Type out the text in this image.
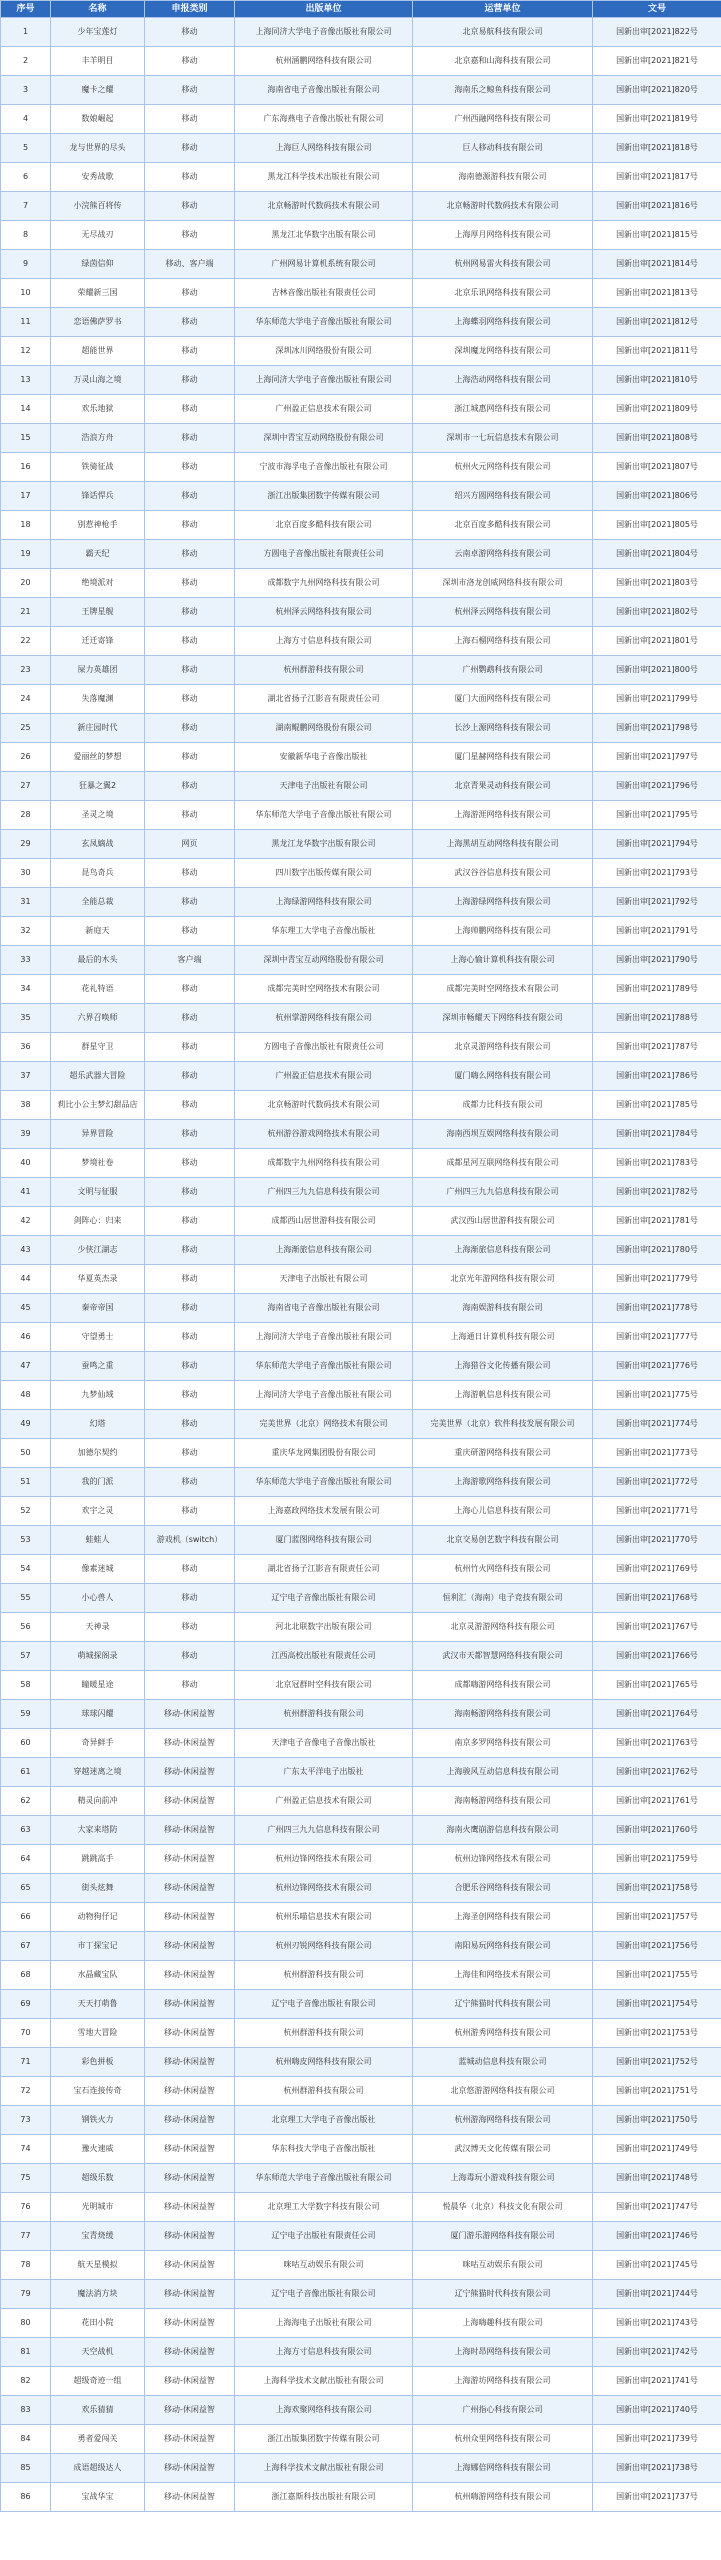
序号	名称	申报类别	出版单位	运营单位	文号
1	少年宝莲灯	移动	上海同济大学电子音像出版社有限公司	北京易航科技有限公司	国新出审[2021]822号
2	丰羊明目	移动	杭州涵鹏网络科技有限公司	北京嘉和山海科技有限公司	国新出审[2021]821号
3	魔卡之耀	移动	海南省电子音像出版社有限公司	海南乐之鲸鱼科技有限公司	国新出审[2021]820号
4	数娘崛起	移动	广东海燕电子音像出版社有限公司	广州西融网络科技有限公司	国新出审[2021]819号
5	龙与世界的尽头	移动	上海巨人网络科技有限公司	巨人移动科技有限公司	国新出审[2021]818号
6	安秀战歌	移动	黑龙江科学技术出版社有限公司	海南德源游科技有限公司	国新出审[2021]817号
7	小浣熊百将传	移动	北京畅游时代数码技术有限公司	北京畅游时代数码技术有限公司	国新出审[2021]816号
8	无尽战刃	移动	黑龙江北华数字出版有限公司	上海厚月网络科技有限公司	国新出审[2021]815号
9	绿茵信仰	移动、客户端	广州网易计算机系统有限公司	杭州网易雷火科技有限公司	国新出审[2021]814号
10	荣耀新三国	移动	吉林音像出版社有限责任公司	北京乐讯网络科技有限公司	国新出审[2021]813号
11	恋语佛萨罗书	移动	华东师范大学电子音像出版社有限公司	上海蝶羽网络科技有限公司	国新出审[2021]812号
12	超能世界	移动	深圳冰川网络股份有限公司	深圳魔龙网络科技有限公司	国新出审[2021]811号
13	万灵山海之境	移动	上海同济大学电子音像出版社有限公司	上海浩动网络科技有限公司	国新出审[2021]810号
14	欢乐地狱	移动	广州盈正信息技术有限公司	浙江城惠网络科技有限公司	国新出审[2021]809号
15	浩浪方舟	移动	深圳中青宝互动网络股份有限公司	深圳市一七玩信息技术有限公司	国新出审[2021]808号
16	铁骑征战	移动	宁波市海孚电子音像出版社有限公司	杭州火元网络科技有限公司	国新出审[2021]807号
17	锋话悍兵	移动	浙江出版集团数字传媒有限公司	绍兴方圆网络科技有限公司	国新出审[2021]806号
18	别惹神枪手	移动	北京百度多酷科技有限公司	北京百度多酷科技有限公司	国新出审[2021]805号
19	霸天纪	移动	方圆电子音像出版社有限责任公司	云南卓游网络科技有限公司	国新出审[2021]804号
20	绝境派对	移动	成都数字九州网络科技有限公司	深圳市洛龙创威网络科技有限公司	国新出审[2021]803号
21	王牌星舰	移动	杭州泽云网络科技有限公司	杭州泽云网络科技有限公司	国新出审[2021]802号
22	迁迁寄锋	移动	上海方寸信息科技有限公司	上海石榴网络科技有限公司	国新出审[2021]801号
23	屎力英雄团	移动	杭州群游科技有限公司	广州鹦鹉科技有限公司	国新出审[2021]800号
24	失落魔渊	移动	湖北省扬子江影音有限责任公司	厦门大面网络科技有限公司	国新出审[2021]799号
25	新庄园时代	移动	湖南鲲鹏网络股份有限公司	长沙上源网络科技有限公司	国新出审[2021]798号
26	爱丽丝的梦想	移动	安徽新华电子音像出版社	厦门星赫网络科技有限公司	国新出审[2021]797号
27	狂暴之翼2	移动	天津电子出版社有限公司	北京青果灵动科技有限公司	国新出审[2021]796号
28	圣灵之境	移动	华东师范大学电子音像出版社有限公司	上海游涯网络科技有限公司	国新出审[2021]795号
29	玄凤嫡战	网页	黑龙江龙华数字出版有限公司	上海黑胡互动网络科技有限公司	国新出审[2021]794号
30	昆鸟奇兵	移动	四川数字出版传媒有限公司	武汉谷谷信息科技有限公司	国新出审[2021]793号
31	全能总裁	移动	上海绿游网络科技有限公司	上海游绿网络科技有限公司	国新出审[2021]792号
32	新庭天	移动	华东理工大学电子音像出版社	上海帅鹏网络科技有限公司	国新出审[2021]791号
33	最后的木头	客户端	深圳中青宝互动网络股份有限公司	上海心愉计算机科技有限公司	国新出审[2021]790号
34	花礼特语	移动	成都完美时空网络技术有限公司	成都完美时空网络技术有限公司	国新出审[2021]789号
35	六界召唤师	移动	杭州掌游网络科技有限公司	深圳市畅耀天下网络科技有限公司	国新出审[2021]788号
36	群星守卫	移动	方圆电子音像出版社有限责任公司	北京灵游网络科技有限公司	国新出审[2021]787号
37	超乐武器大冒险	移动	广州盈正信息技术有限公司	厦门嗨么网络科技有限公司	国新出审[2021]786号
38	莉比小公主梦幻甜品店	移动	北京畅游时代数码技术有限公司	成都力比科技有限公司	国新出审[2021]785号
39	异界冒险	移动	杭州游谷游戏网络技术有限公司	海南西坝互娱网络科技有限公司	国新出审[2021]784号
40	梦境社卷	移动	成都数字九州网络科技有限公司	成都星河互联网络科技有限公司	国新出审[2021]783号
41	文明与征服	移动	广州四三九九信息科技有限公司	广州四三九九信息科技有限公司	国新出审[2021]782号
42	剑阵心：归来	移动	成都西山居世游科技有限公司	武汉西山居世游科技有限公司	国新出审[2021]781号
43	少侠江湖志	移动	上海渐旅信息科技有限公司	上海渐旅信息科技有限公司	国新出审[2021]780号
44	华夏英杰录	移动	天津电子出版社有限公司	北京光年游网络科技有限公司	国新出审[2021]779号
45	秦帝帝国	移动	海南省电子音像出版社有限公司	海南娱游科技有限公司	国新出审[2021]778号
46	守望勇士	移动	上海同济大学电子音像出版社有限公司	上海通日计算机科技有限公司	国新出审[2021]777号
47	蚕鸣之重	移动	华东师范大学电子音像出版社有限公司	上海猎谷文化传播有限公司	国新出审[2021]776号
48	九梦仙域	移动	上海同济大学电子音像出版社有限公司	上海游帆信息科技有限公司	国新出审[2021]775号
49	幻塔	移动	完美世界（北京）网络技术有限公司	完美世界（北京）软件科技发展有限公司	国新出审[2021]774号
50	加德尔契约	移动	重庆华龙网集团股份有限公司	重庆研游网络科技有限公司	国新出审[2021]773号
51	我的门派	移动	华东师范大学电子音像出版社有限公司	上海游歌网络科技有限公司	国新出审[2021]772号
52	欢宇之灵	移动	上海嘉政网络技术发展有限公司	上海心儿信息科技有限公司	国新出审[2021]771号
53	蛙蛙人	游戏机（switch）	厦门蓝图网络科技有限公司	北京交易创艺数字科技有限公司	国新出审[2021]770号
54	像素迷城	移动	湖北省扬子江影音有限责任公司	杭州竹火网络科技有限公司	国新出审[2021]769号
55	小心兽人	移动	辽宁电子音像出版社有限公司	恒利汇（海南）电子竞技有限公司	国新出审[2021]768号
56	天神录	移动	河北北联数字出版有限公司	北京灵游游网络科技有限公司	国新出审[2021]767号
57	萌城探阁录	移动	江西高校出版社有限责任公司	武汉市天都智慧网络科技有限公司	国新出审[2021]766号
58	瞳暖星途	移动	北京冠群时空科技有限公司	成都嗨游网络科技有限公司	国新出审[2021]765号
59	球球闪耀	移动-休闲益智	杭州群游科技有限公司	海南畅游网络科技有限公司	国新出审[2021]764号
60	奇异鲜手	移动-休闲益智	天津电子音像电子音像出版社	南京多罗网络科技有限公司	国新出审[2021]763号
61	穿越迷离之境	移动-休闲益智	广东太平洋电子出版社	上海骏风互动信息科技有限公司	国新出审[2021]762号
62	精灵向前冲	移动-休闲益智	广州盈正信息技术有限公司	海南畅游网络科技有限公司	国新出审[2021]761号
63	大家来塔防	移动-休闲益智	广州四三九九信息科技有限公司	海南火鹰崩游信息科技有限公司	国新出审[2021]760号
64	跳跳高手	移动-休闲益智	杭州边锋网络技术有限公司	杭州边锋网络技术有限公司	国新出审[2021]759号
65	街头炫舞	移动-休闲益智	杭州边锋网络技术有限公司	合肥乐谷网络科技有限公司	国新出审[2021]758号
66	动物狗仔记	移动-休闲益智	杭州乐喵信息技术有限公司	上海圣创网络科技有限公司	国新出审[2021]757号
67	市丁探宝记	移动-休闲益智	杭州刃锐网络科技有限公司	南阳易玩网络科技有限公司	国新出审[2021]756号
68	水晶藏宝队	移动-休闲益智	杭州群游科技有限公司	上海佳和网络技术有限公司	国新出审[2021]755号
69	天天打萌鲁	移动-休闲益智	辽宁电子音像出版社有限公司	辽宁熊猫时代科技有限公司	国新出审[2021]754号
70	雪地大冒险	移动-休闲益智	杭州群游科技有限公司	杭州游秀网络科技有限公司	国新出审[2021]753号
71	彩色拼板	移动-休闲益智	杭州嗨皮网络科技有限公司	蓝城动信息科技有限公司	国新出审[2021]752号
72	宝石连接传奇	移动-休闲益智	杭州群游科技有限公司	北京悠游游网络科技有限公司	国新出审[2021]751号
73	钢铁火力	移动-休闲益智	北京理工大学电子音像出版社	杭州游海网络科技有限公司	国新出审[2021]750号
74	豫火速威	移动-休闲益智	华东科技大学电子音像出版社	武汉博天文化传媒有限公司	国新出审[2021]749号
75	超级乐数	移动-休闲益智	华东师范大学电子音像出版社有限公司	上海毒玩小游戏科技有限公司	国新出审[2021]748号
76	光明城市	移动-休闲益智	北京理工大学数字科技有限公司	悦晨华（北京）科技文化有限公司	国新出审[2021]747号
77	宝青烧缓	移动-休闲益智	辽宁电子出版社有限责任公司	厦门游乐游网络科技有限公司	国新出审[2021]746号
78	航天星模拟	移动-休闲益智	咪咕互动娱乐有限公司	咪咕互动娱乐有限公司	国新出审[2021]745号
79	魔法消方块	移动-休闲益智	辽宁电子音像出版社有限公司	辽宁熊猫时代科技有限公司	国新出审[2021]744号
80	花田小院	移动-休闲益智	上海海电子出版社有限公司	上海嗨趣科技有限公司	国新出审[2021]743号
81	天空战机	移动-休闲益智	上海方寸信息科技有限公司	上海时昂网络科技有限公司	国新出审[2021]742号
82	超级奇迹一组	移动-休闲益智	上海科学技术文献出版社有限公司	上海游坊网络科技有限公司	国新出审[2021]741号
83	欢乐猜猜	移动-休闲益智	上海欢聚网络科技有限公司	广州指心科技有限公司	国新出审[2021]740号
84	勇者爱闯关	移动-休闲益智	浙江出版集团数字传媒有限公司	杭州众里网络科技有限公司	国新出审[2021]739号
85	成语超级达人	移动-休闲益智	上海科学技术文献出版社有限公司	上海娜倍网络科技有限公司	国新出审[2021]738号
86	宝战华宝	移动-休闲益智	浙江嘉斯科技出版社有限公司	杭州嗨游网络科技有限公司	国新出审[2021]737号
